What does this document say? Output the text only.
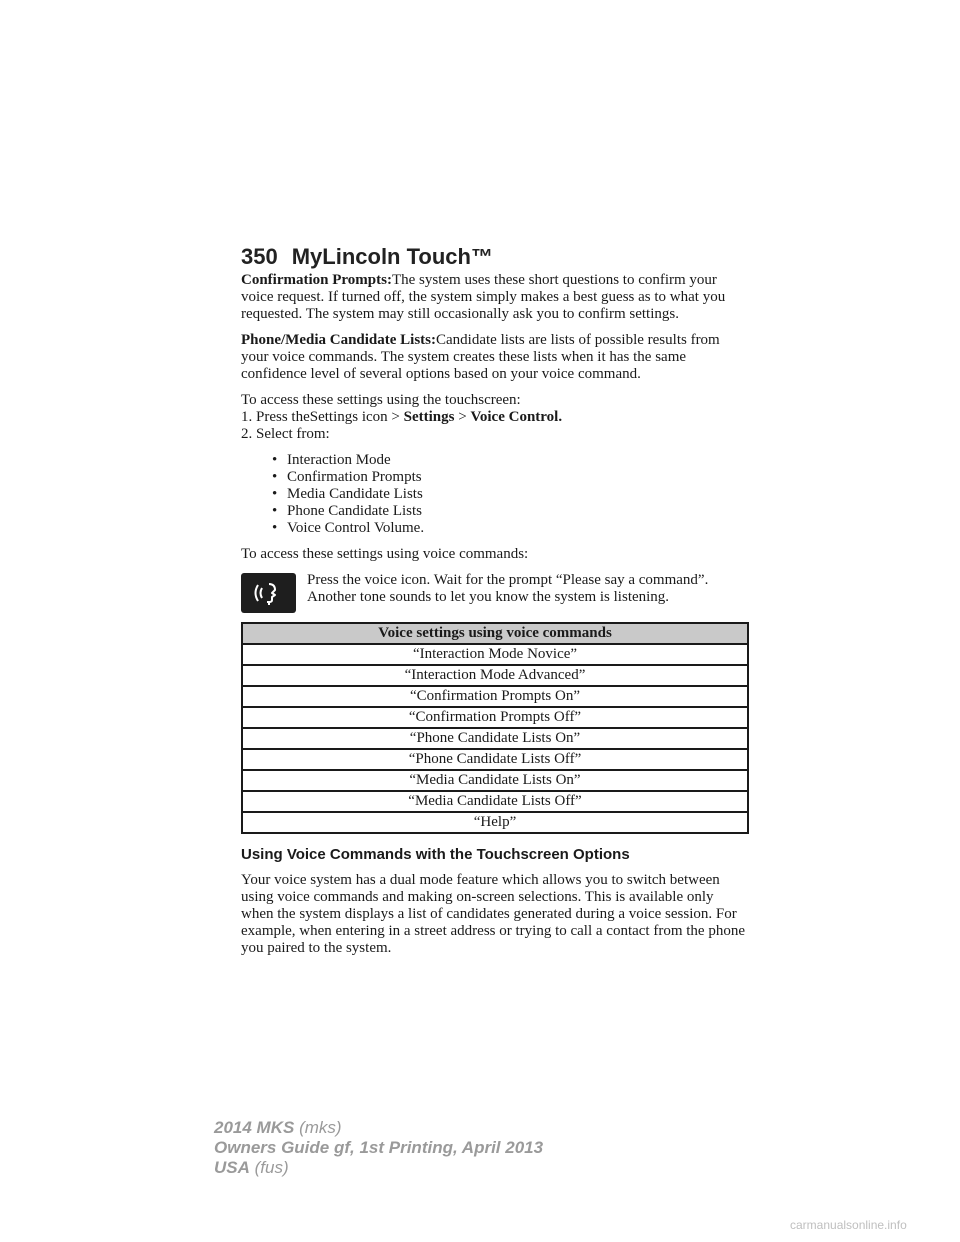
350 MyLincoln Touch™

Confirmation Prompts:The system uses these short questions to confirm your voice request. If turned off, the system simply makes a best guess as to what you requested. The system may still occasionally ask you to confirm settings.

Phone/Media Candidate Lists:Candidate lists are lists of possible results from your voice commands. The system creates these lists when it has the same confidence level of several options based on your voice command.

To access these settings using the touchscreen:
1. Press theSettings icon > Settings > Voice Control.
2. Select from:
• Interaction Mode
• Confirmation Prompts
• Media Candidate Lists
• Phone Candidate Lists
• Voice Control Volume.

To access these settings using voice commands:

Press the voice icon. Wait for the prompt “Please say a command”. Another tone sounds to let you know the system is listening.
Voice settings using voice commands
“Interaction Mode Novice”
“Interaction Mode Advanced”
“Confirmation Prompts On”
“Confirmation Prompts Off”
“Phone Candidate Lists On”
“Phone Candidate Lists Off”
“Media Candidate Lists On”
“Media Candidate Lists Off”
“Help”
Using Voice Commands with the Touchscreen Options

Your voice system has a dual mode feature which allows you to switch between using voice commands and making on-screen selections. This is available only when the system displays a list of candidates generated during a voice session. For example, when entering in a street address or trying to call a contact from the phone you paired to the system.

2014 MKS (mks)
Owners Guide gf, 1st Printing, April 2013
USA (fus)
carmanualsonline.info
